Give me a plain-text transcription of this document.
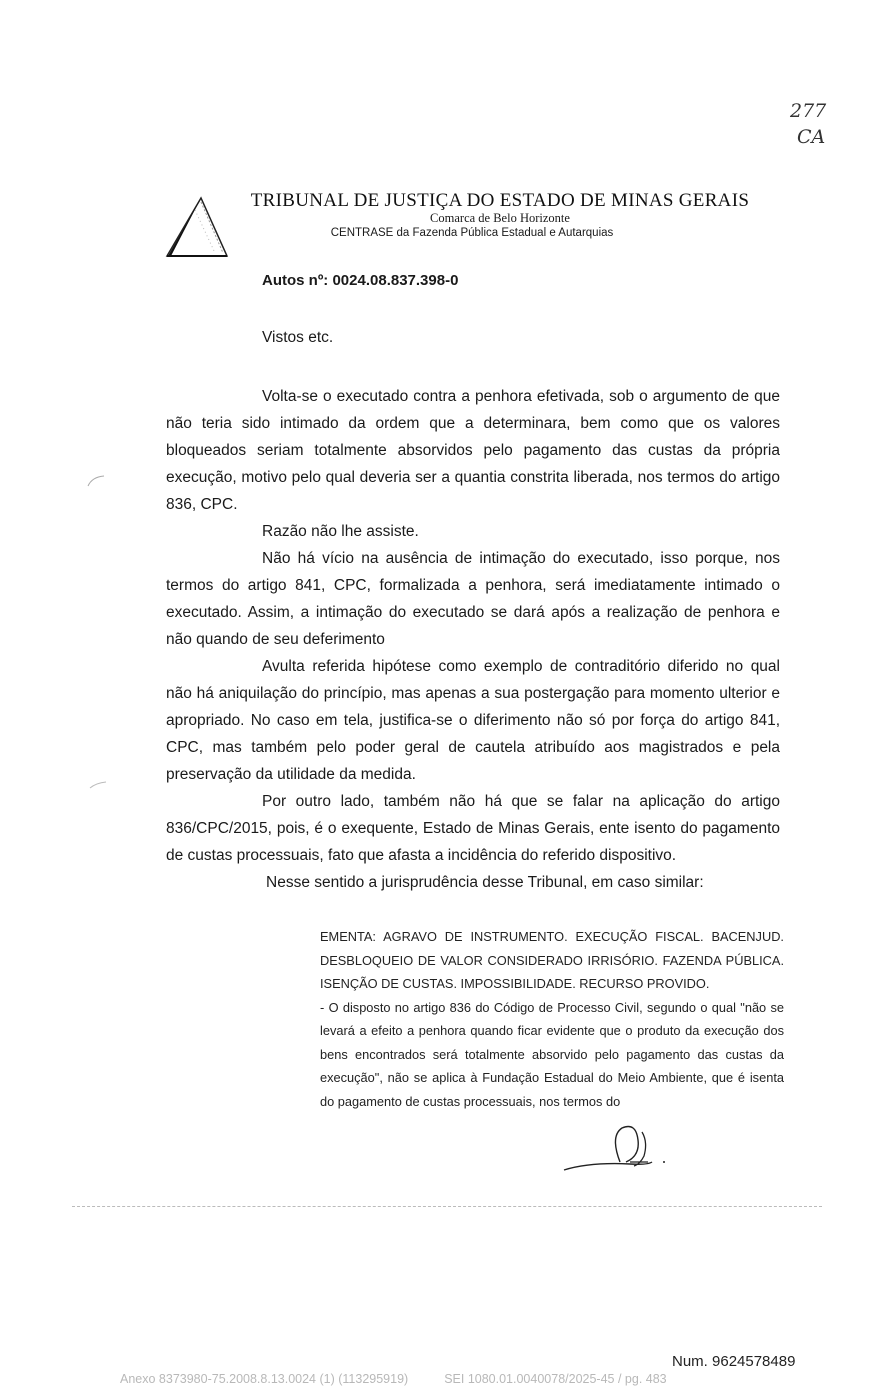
277
CA
TRIBUNAL DE JUSTIÇA DO ESTADO DE MINAS GERAIS
Comarca de Belo Horizonte
CENTRASE da Fazenda Pública Estadual e Autarquias
Autos nº: 0024.08.837.398-0
Vistos etc.

Volta-se o executado contra a penhora efetivada, sob o argumento de que não teria sido intimado da ordem que a determinara, bem como que os valores bloqueados seriam totalmente absorvidos pelo pagamento das custas da própria execução, motivo pelo qual deveria ser a quantia constrita liberada, nos termos do artigo 836, CPC.

Razão não lhe assiste.

Não há vício na ausência de intimação do executado, isso porque, nos termos do artigo 841, CPC, formalizada a penhora, será imediatamente intimado o executado. Assim, a intimação do executado se dará após a realização de penhora e não quando de seu deferimento

Avulta referida hipótese como exemplo de contraditório diferido no qual não há aniquilação do princípio, mas apenas a sua postergação para momento ulterior e apropriado. No caso em tela, justifica-se o diferimento não só por força do artigo 841, CPC, mas também pelo poder geral de cautela atribuído aos magistrados e pela preservação da utilidade da medida.

Por outro lado, também não há que se falar na aplicação do artigo 836/CPC/2015, pois, é o exequente, Estado de Minas Gerais, ente isento do pagamento de custas processuais, fato que afasta a incidência do referido dispositivo.

Nesse sentido a jurisprudência desse Tribunal, em caso similar:

EMENTA: AGRAVO DE INSTRUMENTO. EXECUÇÃO FISCAL. BACENJUD. DESBLOQUEIO DE VALOR CONSIDERADO IRRISÓRIO. FAZENDA PÚBLICA. ISENÇÃO DE CUSTAS. IMPOSSIBILIDADE. RECURSO PROVIDO.

- O disposto no artigo 836 do Código de Processo Civil, segundo o qual "não se levará a efeito a penhora quando ficar evidente que o produto da execução dos bens encontrados será totalmente absorvido pelo pagamento das custas da execução", não se aplica à Fundação Estadual do Meio Ambiente, que é isenta do pagamento de custas processuais, nos termos do

Num. 9624578489
Anexo 8373980-75.2008.8.13.0024 (1) (113295919)	SEI 1080.01.0040078/2025-45 / pg. 483
